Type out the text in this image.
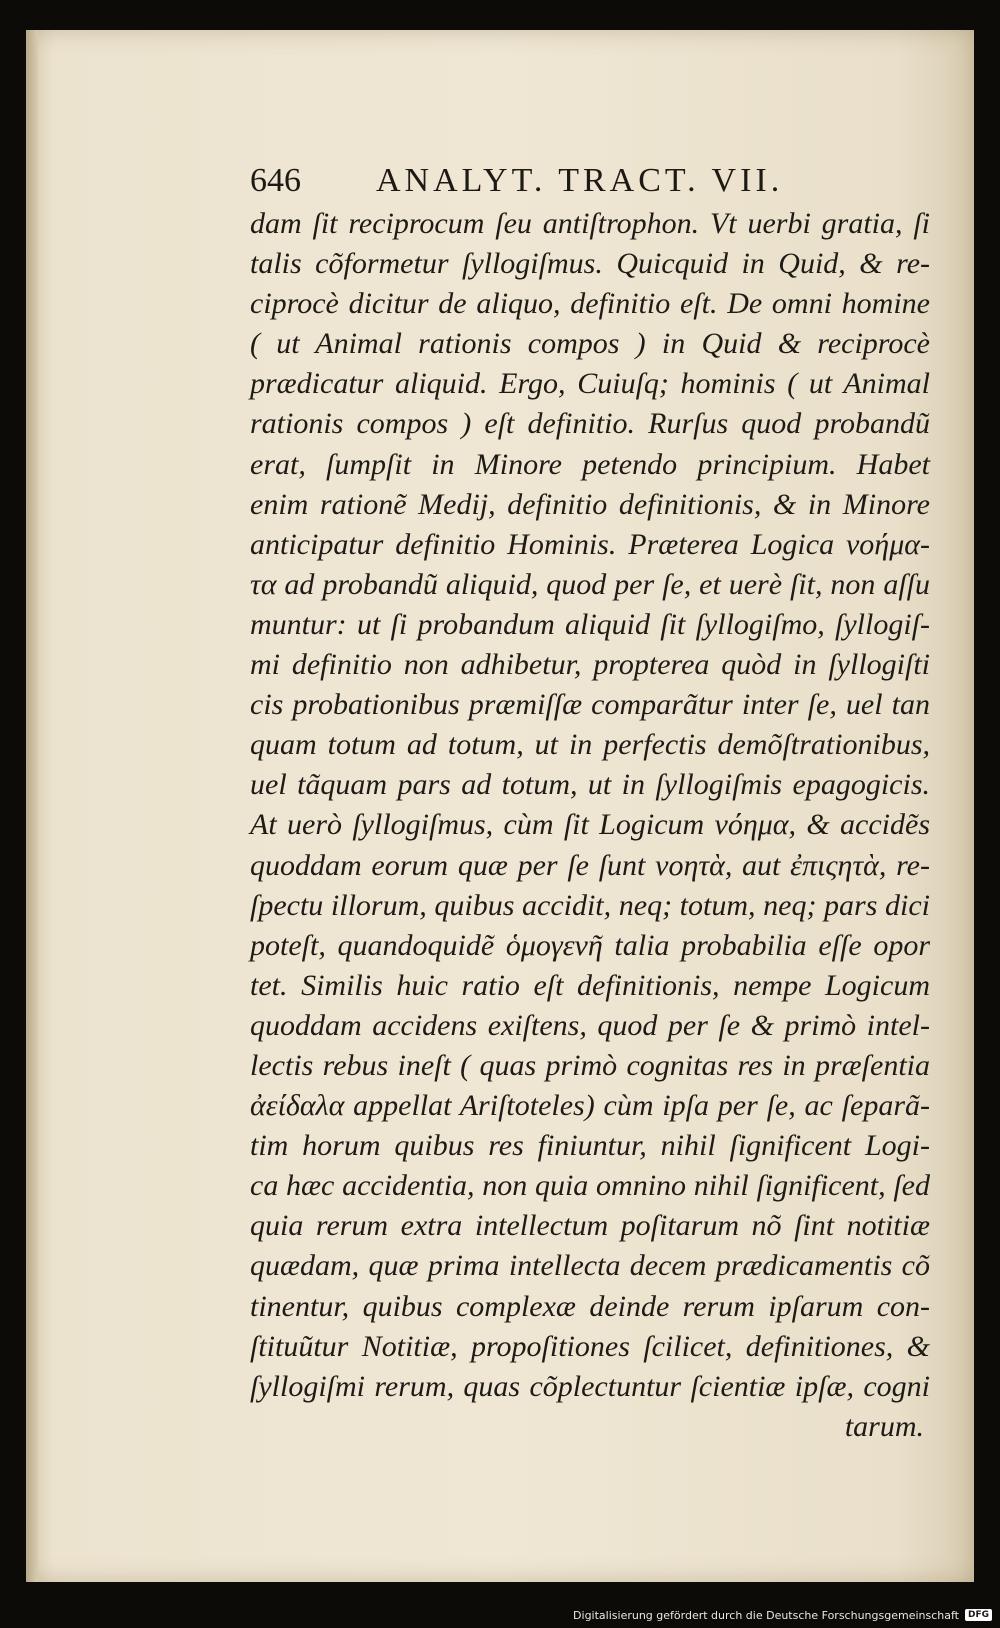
646 ANALYT. TRACT. VII.
dam ſit reciprocum ſeu antiſtrophon. Vt uerbi gratia, ſi
talis cõformetur ſyllogiſmus. Quicquid in Quid, & re-
ciprocè dicitur de aliquo, definitio eſt. De omni homine
( ut Animal rationis compos ) in Quid & reciprocè
prædicatur aliquid. Ergo, Cuiuſq; hominis ( ut Animal
rationis compos ) eſt definitio. Rurſus quod probandũ
erat, ſumpſit in Minore petendo principium. Habet
enim rationẽ Medij, definitio definitionis, & in Minore
anticipatur definitio Hominis. Præterea Logica νοήμα-
τα ad probandũ aliquid, quod per ſe, et uerè ſit, non aſſu
muntur: ut ſi probandum aliquid ſit ſyllogiſmo, ſyllogiſ-
mi definitio non adhibetur, propterea quòd in ſyllogiſti
cis probationibus præmiſſæ comparãtur inter ſe, uel tan
quam totum ad totum, ut in perfectis demõſtrationibus,
uel tãquam pars ad totum, ut in ſyllogiſmis epagogicis.
At uerò ſyllogiſmus, cùm ſit Logicum νόημα, & accidẽs
quoddam eorum quæ per ſe ſunt νοητὰ, aut ἐπιςητὰ, re-
ſpectu illorum, quibus accidit, neq; totum, neq; pars dici
poteſt, quandoquidẽ ὁμογενῆ talia probabilia eſſe opor
tet. Similis huic ratio eſt definitionis, nempe Logicum
quoddam accidens exiſtens, quod per ſe & primò intel-
lectis rebus ineſt ( quas primò cognitas res in præſentia
ἀείδαλα appellat Ariſtoteles) cùm ipſa per ſe, ac ſeparã-
tim horum quibus res finiuntur, nihil ſignificent Logi-
ca hæc accidentia, non quia omnino nihil ſignificent, ſed
quia rerum extra intellectum poſitarum nõ ſint notitiæ
quædam, quæ prima intellecta decem prædicamentis cõ
tinentur, quibus complexæ deinde rerum ipſarum con-
ſtituũtur Notitiæ, propoſitiones ſcilicet, definitiones, &
ſyllogiſmi rerum, quas cõplectuntur ſcientiæ ipſæ, cogni
tarum.
Digitalisierung gefördert durch die Deutsche Forschungsgemeinschaft	DFG
